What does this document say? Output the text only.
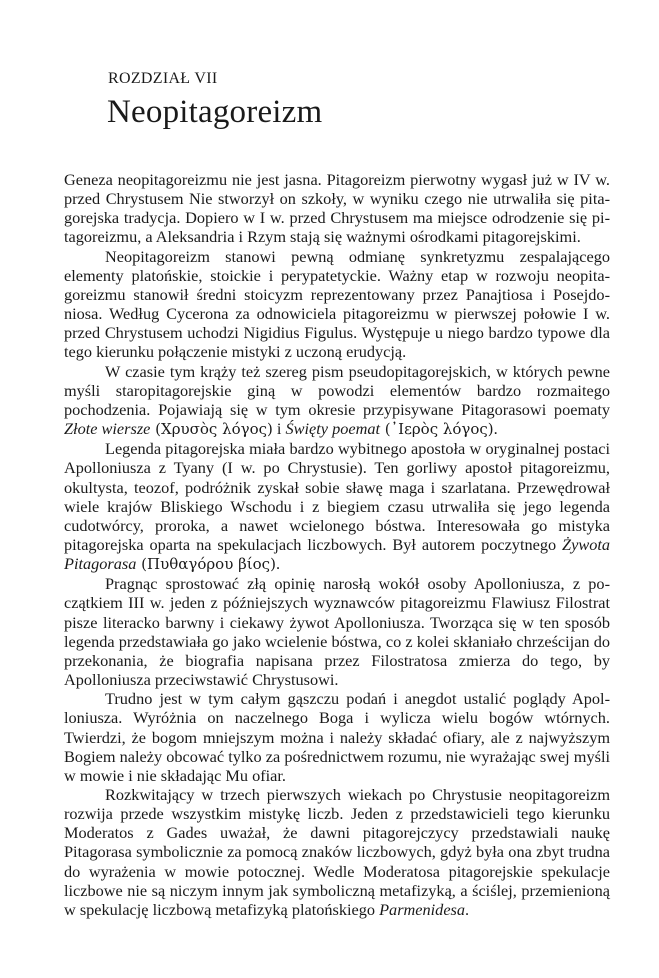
ROZDZIAŁ VII
Neopitagoreizm

Geneza neopitagoreizmu nie jest jasna. Pitagoreizm pierwotny wygasł już w IV w. przed Chrystusem Nie stworzył on szkoły, w wyniku czego nie utrwaliła się pitagorejska tradycja. Dopiero w I w. przed Chrystusem ma miejsce odrodzenie się pitagoreizmu, a Aleksandria i Rzym stają się ważnymi ośrodkami pitagorejskimi.

Neopitagoreizm stanowi pewną odmianę synkretyzmu zespalającego elementy platońskie, stoickie i perypatetyckie. Ważny etap w rozwoju neopitagoreizmu stanowił średni stoicyzm reprezentowany przez Panajtiosa i Posejdoniosa. Według Cycerona za odnowiciela pitagoreizmu w pierwszej połowie I w. przed Chrystusem uchodzi Nigidius Figulus. Występuje u niego bardzo typowe dla tego kierunku połączenie mistyki z uczoną erudycją.

W czasie tym krąży też szereg pism pseudopitagorejskich, w których pewne myśli staropitagorejskie giną w powodzi elementów bardzo rozmaitego pochodzenia. Pojawiają się w tym okresie przypisywane Pitagorasowi poematy Złote wiersze (Χρυσὸς λόγος) i Święty poemat (᾿Ιερὸς λόγος).

Legenda pitagorejska miała bardzo wybitnego apostoła w oryginalnej postaci Apolloniusza z Tyany (I w. po Chrystusie). Ten gorliwy apostoł pitagoreizmu, okultysta, teozof, podróżnik zyskał sobie sławę maga i szarlatana. Przewędrował wiele krajów Bliskiego Wschodu i z biegiem czasu utrwaliła się jego legenda cudotwórcy, proroka, a nawet wcielonego bóstwa. Interesowała go mistyka pitagorejska oparta na spekulacjach liczbowych. Był autorem poczytnego Żywota Pitagorasa (Πυθαγόρου βίος).

Pragnąc sprostować złą opinię narosłą wokół osoby Apolloniusza, z początkiem III w. jeden z późniejszych wyznawców pitagoreizmu Flawiusz Filostrat pisze literacko barwny i ciekawy żywot Apolloniusza. Tworząca się w ten sposób legenda przedstawiała go jako wcielenie bóstwa, co z kolei skłaniało chrześcijan do przekonania, że biografia napisana przez Filostratosa zmierza do tego, by Apolloniusza przeciwstawić Chrystusowi.

Trudno jest w tym całym gąszczu podań i anegdot ustalić poglądy Apolloniusza. Wyróżnia on naczelnego Boga i wylicza wielu bogów wtórnych. Twierdzi, że bogom mniejszym można i należy składać ofiary, ale z najwyższym Bogiem należy obcować tylko za pośrednictwem rozumu, nie wyrażając swej myśli w mowie i nie składając Mu ofiar.

Rozkwitający w trzech pierwszych wiekach po Chrystusie neopitagoreizm rozwija przede wszystkim mistykę liczb. Jeden z przedstawicieli tego kierunku Moderatos z Gades uważał, że dawni pitagorejczycy przedstawiali naukę Pitagorasa symbolicznie za pomocą znaków liczbowych, gdyż była ona zbyt trudna do wyrażenia w mowie potocznej. Wedle Moderatosa pitagorejskie spekulacje liczbowe nie są niczym innym jak symboliczną metafizyką, a ściślej, przemienioną w spekulację liczbową metafizyką platońskiego Parmenidesa.
